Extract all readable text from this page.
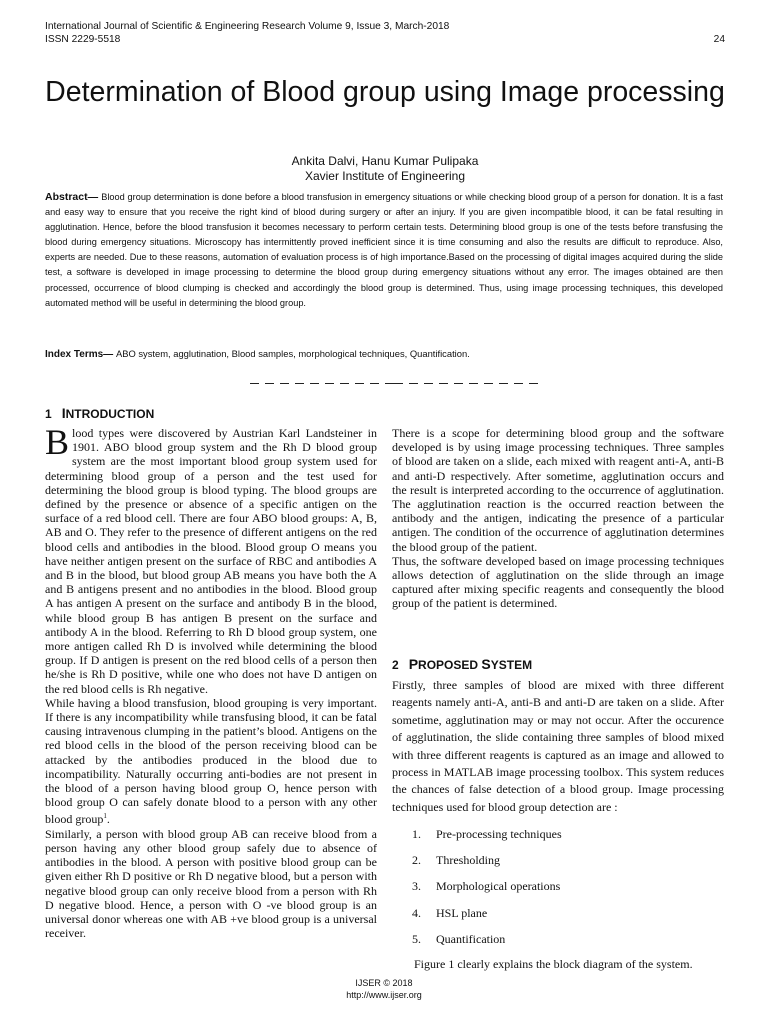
International Journal of Scientific & Engineering Research Volume 9, Issue 3, March-2018
ISSN 2229-5518	24
Determination of Blood group using Image processing
Ankita Dalvi, Hanu Kumar Pulipaka
Xavier Institute of Engineering
Abstract— Blood group determination is done before a blood transfusion in emergency situations or while checking blood group of a person for donation. It is a fast and easy way to ensure that you receive the right kind of blood during surgery or after an injury. If you are given incompatible blood, it can be fatal resulting in agglutination. Hence, before the blood transfusion it becomes necessary to perform certain tests. Determining blood group is one of the tests before transfusing the blood during emergency situations. Microscopy has intermittently proved inefficient since it is time consuming and also the results are difficult to reproduce. Also, experts are needed. Due to these reasons, automation of evaluation process is of high importance.Based on the processing of digital images acquired during the slide test, a software is developed in image processing to determine the blood group during emergency situations without any error. The images obtained are then processed, occurrence of blood clumping is checked and accordingly the blood group is determined. Thus, using image processing techniques, this developed automated method will be useful in determining the blood group.
Index Terms— ABO system, agglutination, Blood samples, morphological techniques, Quantification.
1 INTRODUCTION

Blood types were discovered by Austrian Karl Landsteiner in 1901. ABO blood group system and the Rh D blood group system are the most important blood group system used for determining blood group of a person and the test used for determining the blood group is blood typing. The blood groups are defined by the presence or absence of a specific antigen on the surface of a red blood cell. There are four ABO blood groups: A, B, AB and O. They refer to the presence of different antigens on the red blood cells and antibodies in the blood. Blood group O means you have neither antigen present on the surface of RBC and antibodies A and B in the blood, but blood group AB means you have both the A and B antigens present and no antibodies in the blood. Blood group A has antigen A present on the surface and antibody B in the blood, while blood group B has antigen B present on the surface and antibody A in the blood. Referring to Rh D blood group system, one more antigen called Rh D is involved while determining the blood group. If D antigen is present on the red blood cells of a person then he/she is Rh D positive, while one who does not have D antigen on the red blood cells is Rh negative.

While having a blood transfusion, blood grouping is very important. If there is any incompatibility while transfusing blood, it can be fatal causing intravenous clumping in the patient’s blood. Antigens on the red blood cells in the blood of the person receiving blood can be attacked by the antibodies produced in the blood due to incompatibility. Naturally occurring anti-bodies are not present in the blood of a person having blood group O, hence person with blood group O can safely donate blood to a person with any other blood group$^1$.

Similarly, a person with blood group AB can receive blood from a person having any other blood group safely due to absence of antibodies in the blood. A person with positive blood group can be given either Rh D positive or Rh D negative blood, but a person with negative blood group can only receive blood from a person with Rh D negative blood. Hence, a person with O -ve blood group is an universal donor whereas one with AB +ve blood group is a universal receiver.

There is a scope for determining blood group and the software developed is by using image processing techniques. Three samples of blood are taken on a slide, each mixed with reagent anti-A, anti-B and anti-D respectively. After sometime, agglutination occurs and the result is interpreted according to the occurrence of agglutination. The agglutination reaction is the occurred reaction between the antibody and the antigen, indicating the presence of a particular antigen. The condition of the occurrence of agglutination determines the blood group of the patient.

Thus, the software developed based on image processing techniques allows detection of agglutination on the slide through an image captured after mixing specific reagents and consequently the blood group of the patient is determined.

2 PROPOSED SYSTEM

Firstly, three samples of blood are mixed with three different reagents namely anti-A, anti-B and anti-D are taken on a slide. After sometime, agglutination may or may not occur. After the occurence of agglutination, the slide containing three samples of blood mixed with three different reagents is captured as an image and allowed to process in MATLAB image processing toolbox. This system reduces the chances of false detection of a blood group. Image processing techniques used for blood group detection are :

1.	Pre-processing techniques
2.	Thresholding
3.	Morphological operations
4.	HSL plane
5.	Quantification
Figure 1 clearly explains the block diagram of the system.
IJSER © 2018
http://www.ijser.org
